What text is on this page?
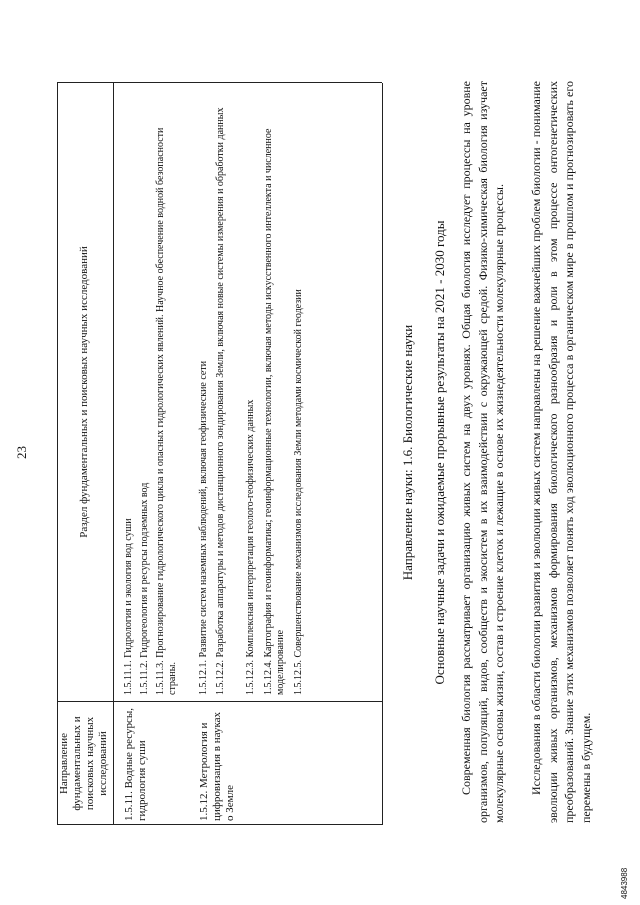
23
Направление фундаментальных и поисковых научных исследований
Раздел фундаментальных и поисковых научных исследований
1.5.11. Водные ресурсы, гидрология суши
1.5.11.1. Гидрология и экология вод суши 1.5.11.2. Гидрогеология и ресурсы подземных вод 1.5.11.3. Прогнозирование гидрологического цикла и опасных гидрологических явлений. Научное обеспечение водной безопасности страны.
1.5.12. Метрология и цифровизация в науках о Земле
1.5.12.1. Развитие систем наземных наблюдений, включая геофизические сети 1.5.12.2. Разработка аппаратуры и методов дистанционного зондирования Земли, включая новые системы измерения и обработки данных 1.5.12.3. Комплексная интерпретация геолого-геофизических данных 1.5.12.4. Картография и геоинформатика; геоинформационные технологии, включая методы искусственного интеллекта и численное моделирование 1.5.12.5. Совершенствование механизмов исследования Земли методами космической геодезии	Направление науки: 1.6. Биологические науки Основные научные задачи и ожидаемые прорывные результаты на 2021 - 2030 годы Современная биология рассматривает организацию живых систем на двух уровнях. Общая биология исследует процессы на уровне организмов, популяций, видов, сообществ и экосистем в их взаимодействии с окружающей средой. Физико-химическая биология изучает молекулярные основы жизни, состав и строение клеток и лежащие в основе их жизнедеятельности молекулярные процессы. Исследования в области биологии развития и эволюции живых систем направлены на решение важнейших проблем биологии - понимание эволюции живых организмов, механизмов формирования биологического разнообразия и роли в этом процессе онтогенетических преобразований. Знание этих механизмов позволяет понять ход эволюционного процесса в органическом мире в прошлом и прогнозировать его перемены в будущем.
4843988
